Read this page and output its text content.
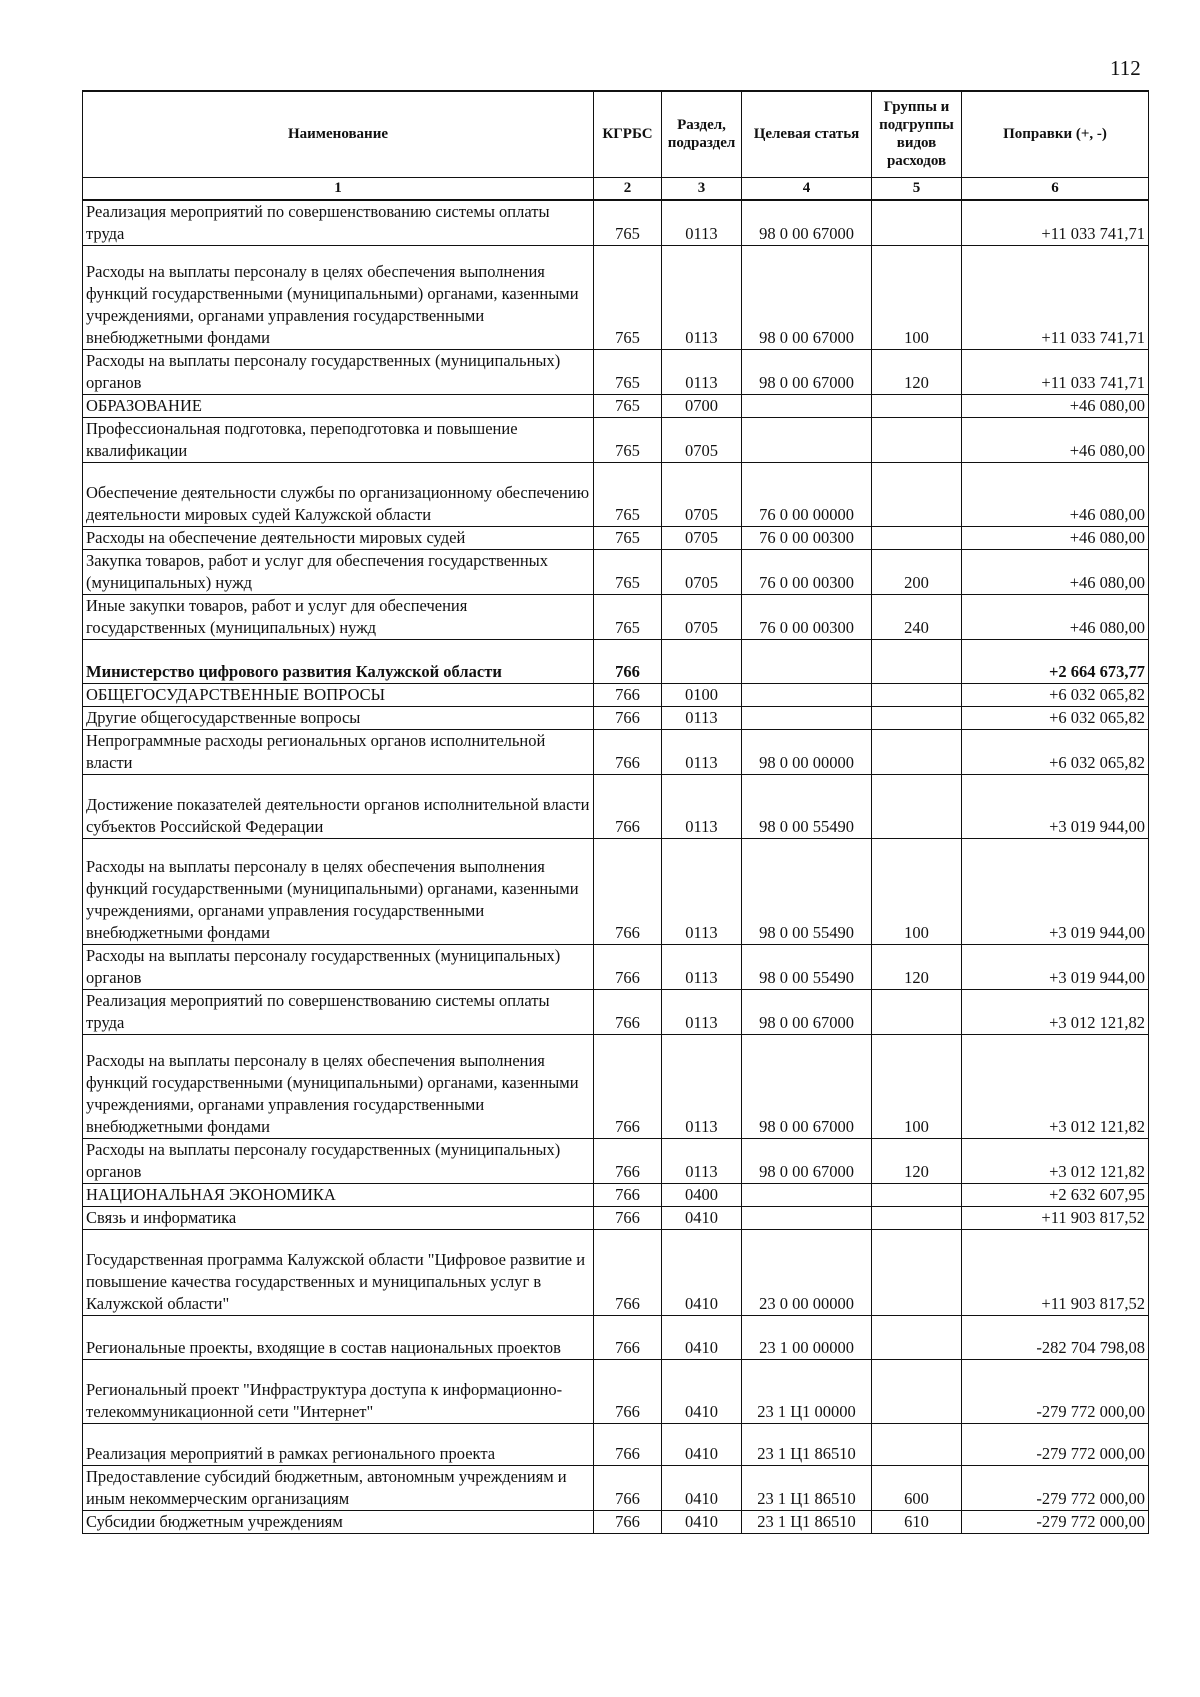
112
Наименование	КГРБС	Раздел, подраздел	Целевая статья	Группы и подгруппы видов расходов	Поправки (+, -)
1	2	3	4	5	6
Реализация мероприятий по совершенствованию системы оплаты труда	765	0113	98 0 00 67000		+11 033 741,71
Расходы на выплаты персоналу в целях обеспечения выполнения функций государственными (муниципальными) органами, казенными учреждениями, органами управления государственными внебюджетными фондами	765	0113	98 0 00 67000	100	+11 033 741,71
Расходы на выплаты персоналу государственных (муниципальных) органов	765	0113	98 0 00 67000	120	+11 033 741,71
ОБРАЗОВАНИЕ	765	0700			+46 080,00
Профессиональная подготовка, переподготовка и повышение квалификации	765	0705			+46 080,00
Обеспечение деятельности службы по организационному обеспечению деятельности мировых судей Калужской области	765	0705	76 0 00 00000		+46 080,00
Расходы на обеспечение деятельности мировых судей	765	0705	76 0 00 00300		+46 080,00
Закупка товаров, работ и услуг для обеспечения государственных (муниципальных) нужд	765	0705	76 0 00 00300	200	+46 080,00
Иные закупки товаров, работ и услуг для обеспечения государственных (муниципальных) нужд	765	0705	76 0 00 00300	240	+46 080,00
Министерство цифрового развития Калужской области	766				+2 664 673,77
ОБЩЕГОСУДАРСТВЕННЫЕ ВОПРОСЫ	766	0100			+6 032 065,82
Другие общегосударственные вопросы	766	0113			+6 032 065,82
Непрограммные расходы региональных органов исполнительной власти	766	0113	98 0 00 00000		+6 032 065,82
Достижение показателей деятельности органов исполнительной власти субъектов Российской Федерации	766	0113	98 0 00 55490		+3 019 944,00
Расходы на выплаты персоналу в целях обеспечения выполнения функций государственными (муниципальными) органами, казенными учреждениями, органами управления государственными внебюджетными фондами	766	0113	98 0 00 55490	100	+3 019 944,00
Расходы на выплаты персоналу государственных (муниципальных) органов	766	0113	98 0 00 55490	120	+3 019 944,00
Реализация мероприятий по совершенствованию системы оплаты труда	766	0113	98 0 00 67000		+3 012 121,82
Расходы на выплаты персоналу в целях обеспечения выполнения функций государственными (муниципальными) органами, казенными учреждениями, органами управления государственными внебюджетными фондами	766	0113	98 0 00 67000	100	+3 012 121,82
Расходы на выплаты персоналу государственных (муниципальных) органов	766	0113	98 0 00 67000	120	+3 012 121,82
НАЦИОНАЛЬНАЯ ЭКОНОМИКА	766	0400			+2 632 607,95
Связь и информатика	766	0410			+11 903 817,52
Государственная программа Калужской области "Цифровое развитие и повышение качества государственных и муниципальных услуг в Калужской области"	766	0410	23 0 00 00000		+11 903 817,52
Региональные проекты, входящие в состав национальных проектов	766	0410	23 1 00 00000		-282 704 798,08
Региональный проект "Инфраструктура доступа к информационно-телекоммуникационной сети "Интернет"	766	0410	23 1 Ц1 00000		-279 772 000,00
Реализация мероприятий в рамках регионального проекта	766	0410	23 1 Ц1 86510		-279 772 000,00
Предоставление субсидий бюджетным, автономным учреждениям и иным некоммерческим организациям	766	0410	23 1 Ц1 86510	600	-279 772 000,00
Субсидии бюджетным учреждениям	766	0410	23 1 Ц1 86510	610	-279 772 000,00
